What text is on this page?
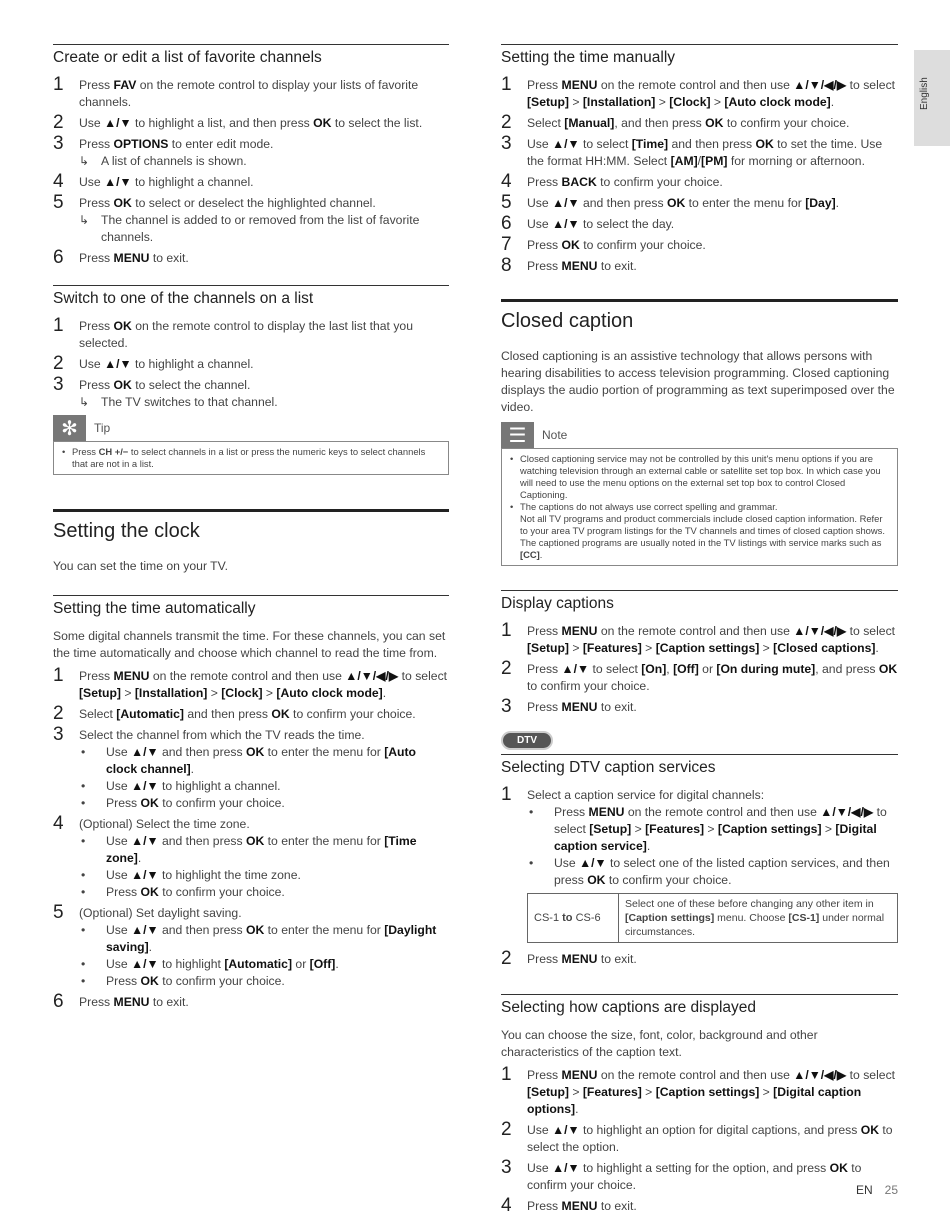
English
Create or edit a list of favorite channels
1 Press FAV on the remote control to display your lists of favorite channels.
2 Use ▲/▼ to highlight a list, and then press OK to select the list.
3 Press OPTIONS to enter edit mode.
↳ A list of channels is shown.
4 Use ▲/▼ to highlight a channel.
5 Press OK to select or deselect the highlighted channel.
↳ The channel is added to or removed from the list of favorite channels.
6 Press MENU to exit.
Switch to one of the channels on a list
1 Press OK on the remote control to display the last list that you selected.
2 Use ▲/▼ to highlight a channel.
3 Press OK to select the channel.
↳ The TV switches to that channel.
✻	Tip
• Press CH +/− to select channels in a list or press the numeric keys to select channels that are not in a list.
Setting the clock

You can set the time on your TV.

Setting the time automatically

Some digital channels transmit the time. For these channels, you can set the time automatically and choose which channel to read the time from.

1 Press MENU on the remote control and then use ▲/▼/◀/▶ to select [Setup] > [Installation] > [Clock] > [Auto clock mode].
2 Select [Automatic] and then press OK to confirm your choice.
3 Select the channel from which the TV reads the time.
• Use ▲/▼ and then press OK to enter the menu for [Auto clock channel].
• Use ▲/▼ to highlight a channel.
• Press OK to confirm your choice.
4 (Optional) Select the time zone.
• Use ▲/▼ and then press OK to enter the menu for [Time zone].
• Use ▲/▼ to highlight the time zone.
• Press OK to confirm your choice.
5 (Optional) Set daylight saving.
• Use ▲/▼ and then press OK to enter the menu for [Daylight saving].
• Use ▲/▼ to highlight [Automatic] or [Off].
• Press OK to confirm your choice.
6 Press MENU to exit.
Setting the time manually
1 Press MENU on the remote control and then use ▲/▼/◀/▶ to select [Setup] > [Installation] > [Clock] > [Auto clock mode].
2 Select [Manual], and then press OK to confirm your choice.
3 Use ▲/▼ to select [Time] and then press OK to set the time. Use the format HH:MM. Select [AM]/[PM] for morning or afternoon.
4 Press BACK to confirm your choice.
5 Use ▲/▼ and then press OK to enter the menu for [Day].
6 Use ▲/▼ to select the day.
7 Press OK to confirm your choice.
8 Press MENU to exit.
Closed caption

Closed captioning is an assistive technology that allows persons with hearing disabilities to access television programming. Closed captioning displays the audio portion of programming as text superimposed over the video.

☰	Note
• Closed captioning service may not be controlled by this unit's menu options if you are watching television through an external cable or satellite set top box. In which case you will need to use the menu options on the external set top box to control Closed Captioning.
• The captions do not always use correct spelling and grammar.
Not all TV programs and product commercials include closed caption information. Refer to your area TV program listings for the TV channels and times of closed caption shows. The captioned programs are usually noted in the TV listings with service marks such as [CC].
Display captions
1 Press MENU on the remote control and then use ▲/▼/◀/▶ to select [Setup] > [Features] > [Caption settings] > [Closed captions].
2 Press ▲/▼ to select [On], [Off] or [On during mute], and press OK to confirm your choice.
3 Press MENU to exit.
DTV
Selecting DTV caption services
1 Select a caption service for digital channels:
• Press MENU on the remote control and then use ▲/▼/◀/▶ to select [Setup] > [Features] > [Caption settings] > [Digital caption service].
• Use ▲/▼ to select one of the listed caption services, and then press OK to confirm your choice.
CS-1 to CS-6	Select one of these before changing any other item in [Caption settings] menu. Choose [CS-1] under normal circumstances.
2 Press MENU to exit.
Selecting how captions are displayed

You can choose the size, font, color, background and other characteristics of the caption text.

1 Press MENU on the remote control and then use ▲/▼/◀/▶ to select [Setup] > [Features] > [Caption settings] > [Digital caption options].
2 Use ▲/▼ to highlight an option for digital captions, and press OK to select the option.
3 Use ▲/▼ to highlight a setting for the option, and press OK to confirm your choice.
4 Press MENU to exit.
EN 25
